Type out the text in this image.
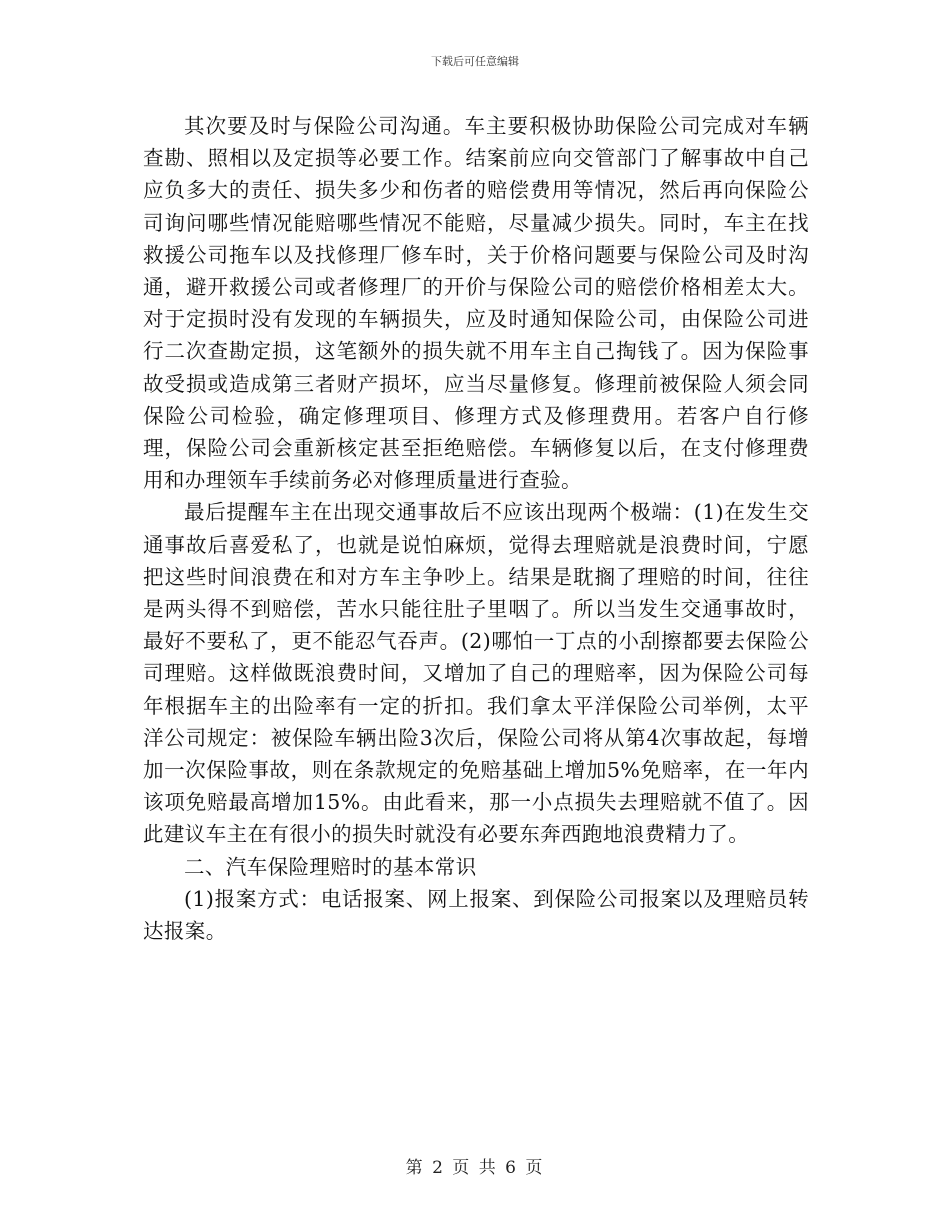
下载后可任意编辑

其次要及时与保险公司沟通。车主要积极协助保险公司完成对车辆查勘、照相以及定损等必要工作。结案前应向交管部门了解事故中自己应负多大的责任、损失多少和伤者的赔偿费用等情况，然后再向保险公司询问哪些情况能赔哪些情况不能赔，尽量减少损失。同时，车主在找救援公司拖车以及找修理厂修车时，关于价格问题要与保险公司及时沟通，避开救援公司或者修理厂的开价与保险公司的赔偿价格相差太大。对于定损时没有发现的车辆损失，应及时通知保险公司，由保险公司进行二次查勘定损，这笔额外的损失就不用车主自己掏钱了。因为保险事故受损或造成第三者财产损坏，应当尽量修复。修理前被保险人须会同保险公司检验，确定修理项目、修理方式及修理费用。若客户自行修理，保险公司会重新核定甚至拒绝赔偿。车辆修复以后，在支付修理费用和办理领车手续前务必对修理质量进行查验。

最后提醒车主在出现交通事故后不应该出现两个极端：(1)在发生交通事故后喜爱私了，也就是说怕麻烦，觉得去理赔就是浪费时间，宁愿把这些时间浪费在和对方车主争吵上。结果是耽搁了理赔的时间，往往是两头得不到赔偿，苦水只能往肚子里咽了。所以当发生交通事故时，最好不要私了，更不能忍气吞声。(2)哪怕一丁点的小刮擦都要去保险公司理赔。这样做既浪费时间，又增加了自己的理赔率，因为保险公司每年根据车主的出险率有一定的折扣。我们拿太平洋保险公司举例，太平洋公司规定：被保险车辆出险3次后，保险公司将从第4次事故起，每增加一次保险事故，则在条款规定的免赔基础上增加5%免赔率，在一年内该项免赔最高增加15%。由此看来，那一小点损失去理赔就不值了。因此建议车主在有很小的损失时就没有必要东奔西跑地浪费精力了。

二、汽车保险理赔时的基本常识

(1)报案方式：电话报案、网上报案、到保险公司报案以及理赔员转达报案。

第 2 页 共 6 页
